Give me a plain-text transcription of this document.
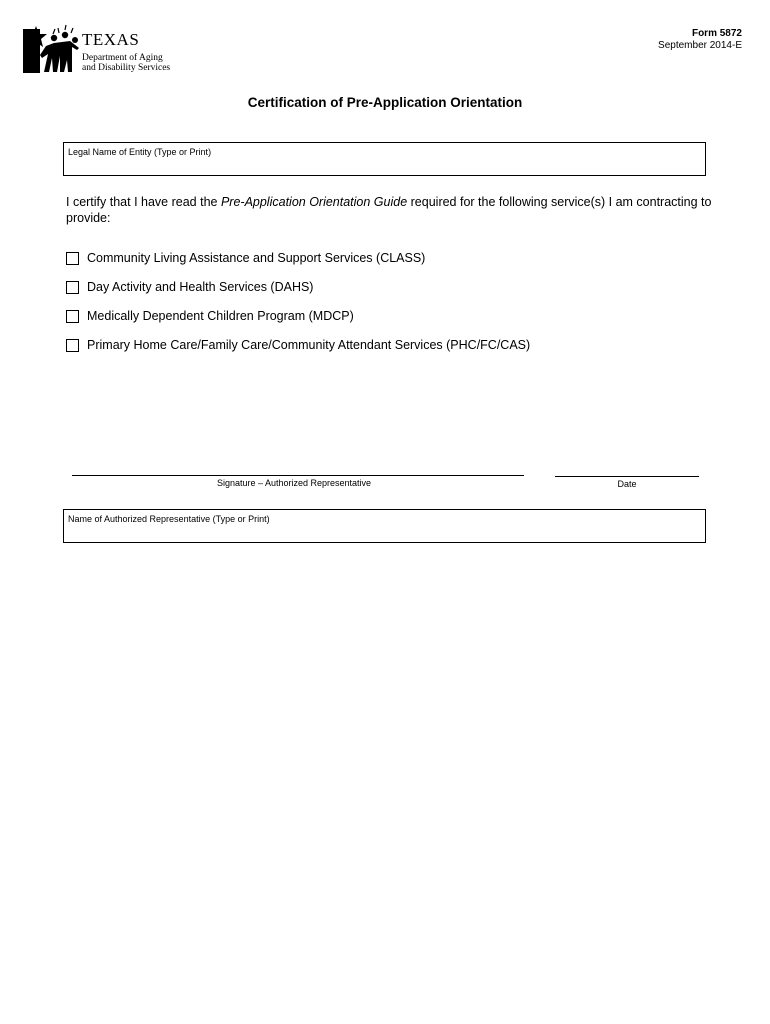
TEXAS
Department of Aging
and Disability Services
Form 5872
September 2014-E
Certification of Pre-Application Orientation
Legal Name of Entity (Type or Print)
I certify that I have read the Pre-Application Orientation Guide required for the following service(s) I am contracting to provide:
Community Living Assistance and Support Services (CLASS)
Day Activity and Health Services (DAHS)
Medically Dependent Children Program (MDCP)
Primary Home Care/Family Care/Community Attendant Services (PHC/FC/CAS)
Signature – Authorized Representative	Date
Name of Authorized Representative (Type or Print)
